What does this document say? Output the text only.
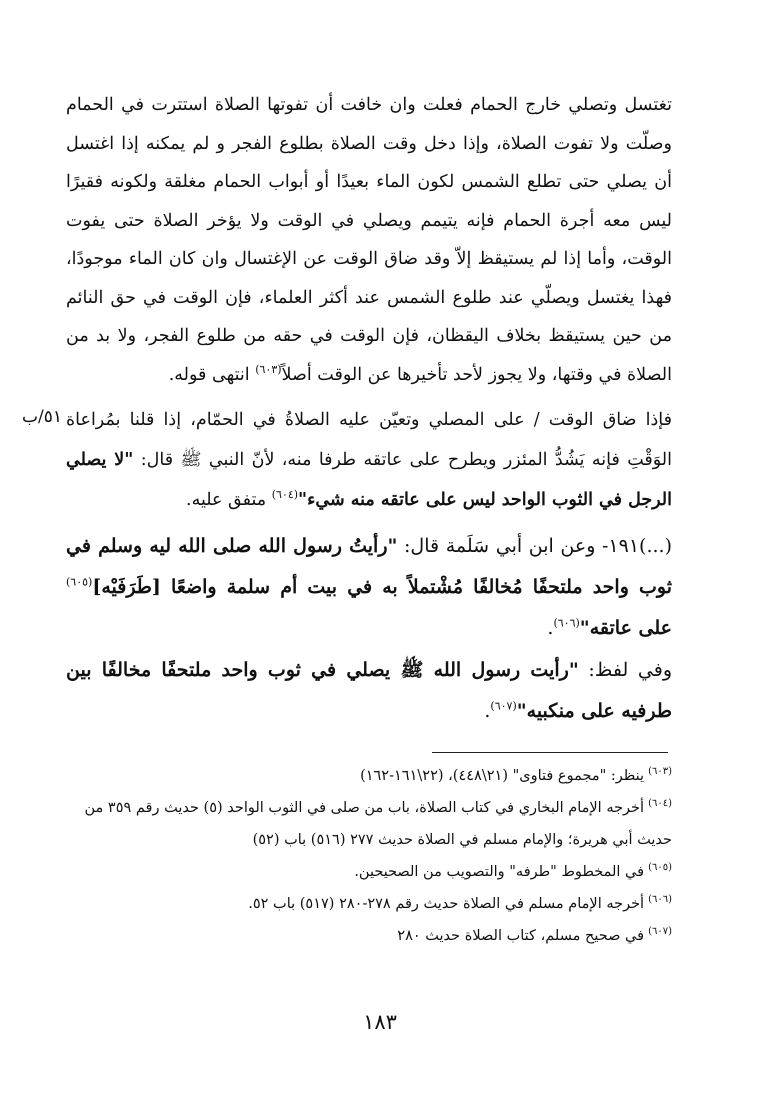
تغتسل وتصلي خارج الحمام فعلت وان خافت أن تفوتها الصلاة استترت في الحمام وصلّت ولا تفوت الصلاة، وإذا دخل وقت الصلاة بطلوع الفجر و لم يمكنه إذا اغتسل أن يصلي حتى تطلع الشمس لكون الماء بعيدًا أو أبواب الحمام مغلقة ولكونه فقيرًا ليس معه أجرة الحمام فإنه يتيمم ويصلي في الوقت ولا يؤخر الصلاة حتى يفوت الوقت، وأما إذا لم يستيقظ إلاّ وقد ضاق الوقت عن الإغتسال وان كان الماء موجودًا، فهذا يغتسل ويصلّي عند طلوع الشمس عند أكثر العلماء، فإن الوقت في حق النائم من حين يستيقظ بخلاف اليقظان، فإن الوقت في حقه من طلوع الفجر، ولا بد من الصلاة في وقتها، ولا يجوز لأحد تأخيرها عن الوقت أصلاً$^{(٦٠٣)}$ انتهى قوله.
٥١/ب فإذا ضاق الوقت / على المصلي وتعيّن عليه الصلاةُ في الحمّام، إذا قلنا بمُراعاة الوَقْتِ فإنه يَشُدُّ المئزر ويطرح على عاتقه طرفا منه، لأنّ النبي ﷺ قال: "لا يصلي الرجل في الثوب الواحد ليس على عاتقه منه شيء"$^{(٦٠٤)}$ متفق عليه.
(...)١٩١- وعن ابن أبي سَلَمة قال: "رأيتُ رسول الله صلى الله ليه وسلم في ثوب واحد ملتحفًا مُخالفًا مُشْتملاً به في بيت أم سلمة واضعًا [طَرَفَيْه]$^{(٦٠٥)}$ على عاتقه"$^{(٦٠٦)}$.
وفي لفظ: "رأيت رسول الله ﷺ يصلي في ثوب واحد ملتحفًا مخالفًا بين طرفيه على منكبيه"$^{(٦٠٧)}$.

$^{(٦٠٣)}$ينظر: "مجموع فتاوى" (٢١\٤٤٨)، (٢٢\١٦١-١٦٢)

$^{(٦٠٤)}$أخرجه الإمام البخاري في كتاب الصلاة، باب من صلى في الثوب الواحد (٥) حديث رقم ٣٥٩ من حديث أبي هريرة؛ والإمام مسلم في الصلاة حديث ٢٧٧ (٥١٦) باب (٥٢)

$^{(٦٠٥)}$في المخطوط "طرفه" والتصويب من الصحيحين.

$^{(٦٠٦)}$أخرجه الإمام مسلم في الصلاة حديث رقم ٢٧٨-٢٨٠ (٥١٧) باب ٥٢.

$^{(٦٠٧)}$في صحيح مسلم، كتاب الصلاة حديث ٢٨٠

١٨٣
